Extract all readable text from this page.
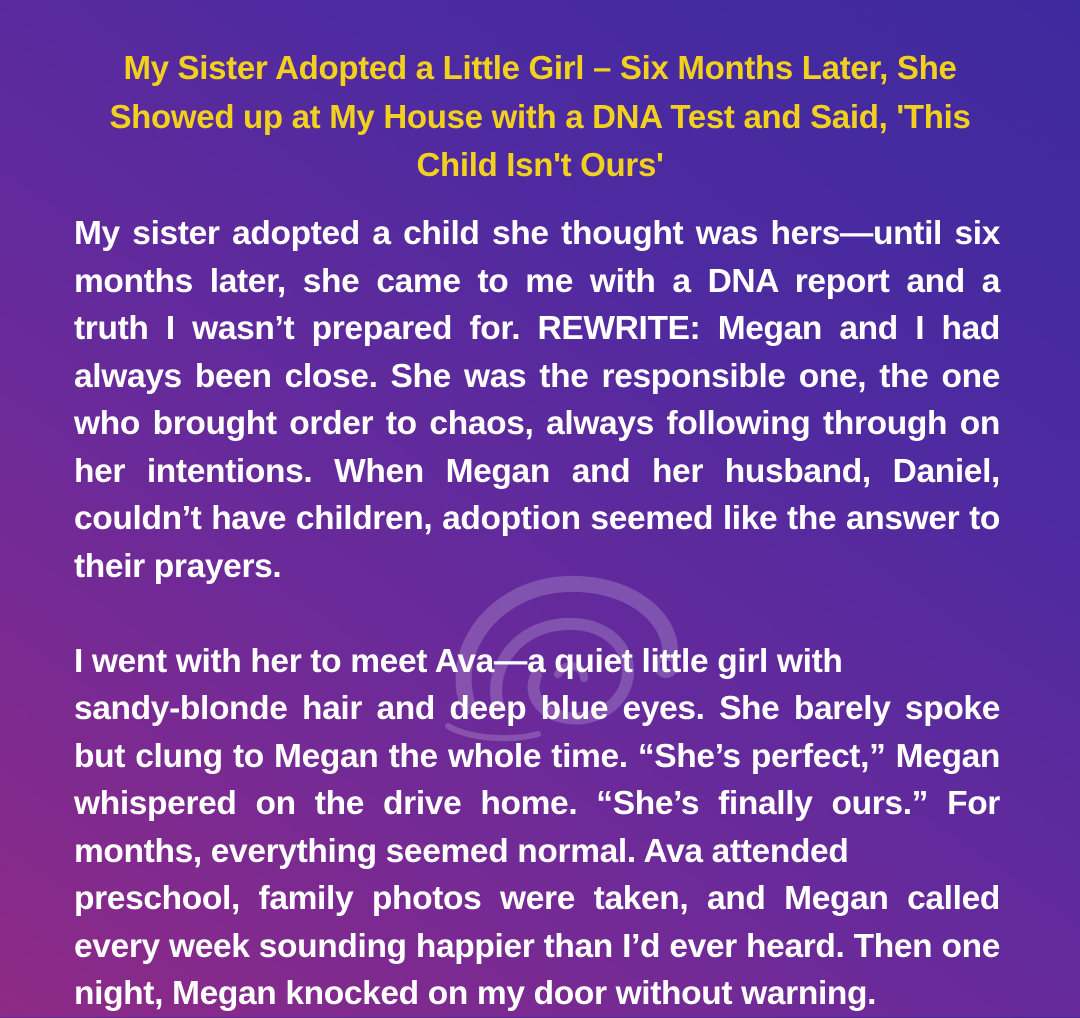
My Sister Adopted a Little Girl – Six Months Later, She Showed up at My House with a DNA Test and Said, 'This Child Isn't Ours'

My sister adopted a child she thought was hers—until six
months later, she came to me with a DNA report and a
truth I wasn’t prepared for. REWRITE: Megan and I had
always been close. She was the responsible one, the one
who brought order to chaos, always following through on
her intentions. When Megan and her husband, Daniel,
couldn’t have children, adoption seemed like the answer to
their prayers.

I went with her to meet Ava—a quiet little girl with
sandy-blonde hair and deep blue eyes. She barely spoke
but clung to Megan the whole time. “She’s perfect,” Megan
whispered on the drive home. “She’s finally ours.” For
months, everything seemed normal. Ava attended
preschool, family photos were taken, and Megan called
every week sounding happier than I’d ever heard. Then one
night, Megan knocked on my door without warning.
